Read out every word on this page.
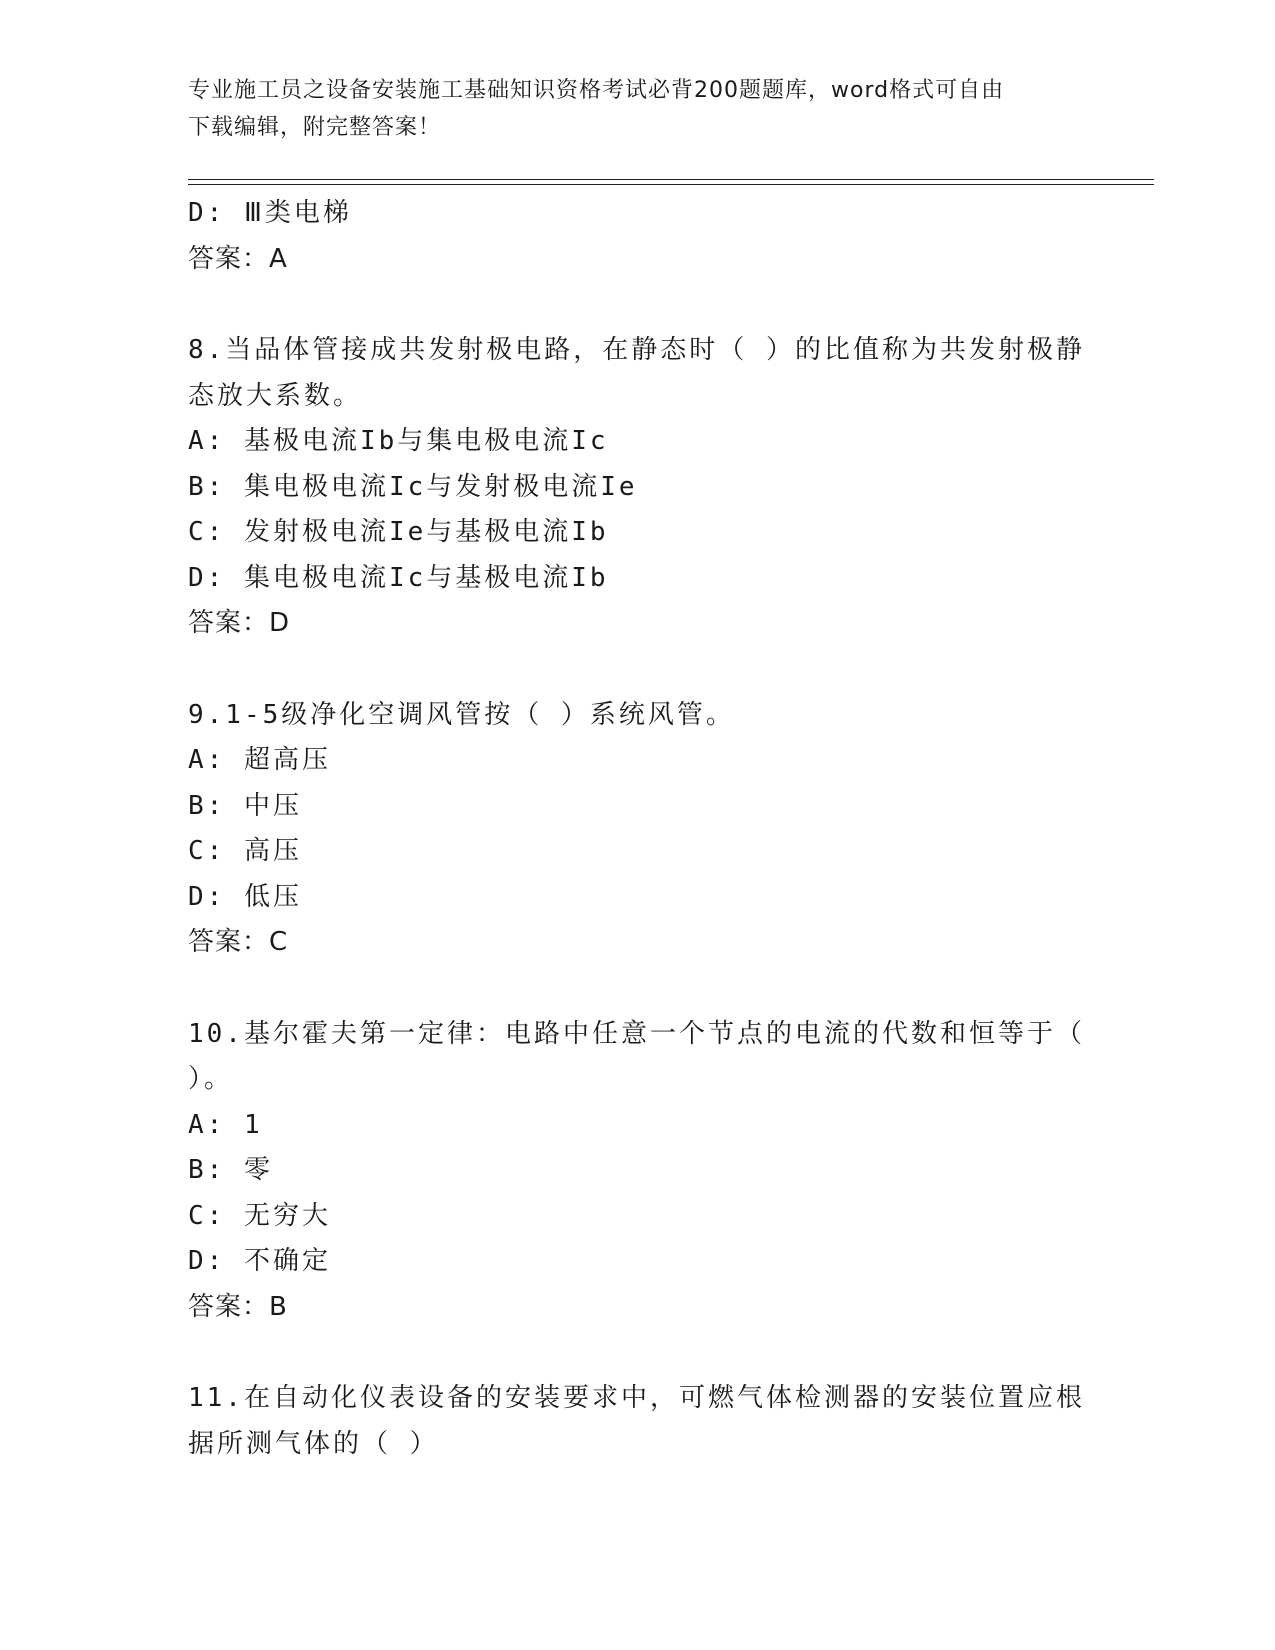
专业施工员之设备安装施工基础知识资格考试必背200题题库，word格式可自由
下载编辑，附完整答案！
D: Ⅲ类电梯
答案：A
8.当品体管接成共发射极电路，在静态时（ ）的比值称为共发射极静
态放大系数。
A: 基极电流Ib与集电极电流Ic
B: 集电极电流Ic与发射极电流Ie
C: 发射极电流Ie与基极电流Ib
D: 集电极电流Ic与基极电流Ib
答案：D
9.1-5级净化空调风管按（ ）系统风管。
A: 超高压
B: 中压
C: 高压
D: 低压
答案：C
10.基尔霍夫第一定律：电路中任意一个节点的电流的代数和恒等于（
）。
A: 1
B: 零
C: 无穷大
D: 不确定
答案：B
11.在自动化仪表设备的安装要求中，可燃气体检测器的安装位置应根
据所测气体的（ ）
